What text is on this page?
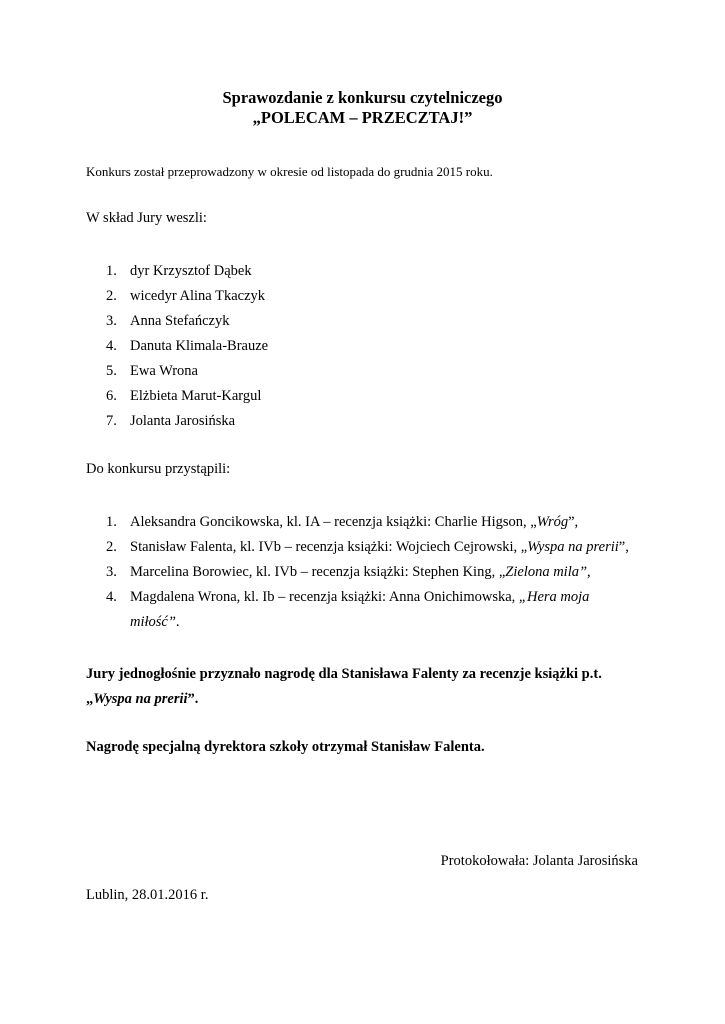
Sprawozdanie z konkursu czytelniczego
„POLECAM – PRZECZTAJ!”
Konkurs został przeprowadzony w okresie od listopada do grudnia 2015 roku.
W skład Jury weszli:
1. dyr Krzysztof Dąbek
2. wicedyr Alina Tkaczyk
3. Anna Stefańczyk
4. Danuta Klimala-Brauze
5. Ewa Wrona
6. Elżbieta Marut-Kargul
7. Jolanta Jarosińska
Do konkursu przystąpili:
1. Aleksandra Goncikowska, kl. IA – recenzja książki: Charlie Higson, „Wróg”,
2. Stanisław Falenta, kl. IVb – recenzja książki: Wojciech Cejrowski, „Wyspa na prerii”,
3. Marcelina Borowiec, kl. IVb – recenzja książki: Stephen King, „Zielona mila”,
4. Magdalena Wrona, kl. Ib – recenzja książki: Anna Onichimowska, „Hera moja
miłość”.
Jury jednogłośnie przyznało nagrodę dla Stanisława Falenty za recenzje książki p.t.
„Wyspa na prerii”.
Nagrodę specjalną dyrektora szkoły otrzymał Stanisław Falenta.
Protokołowała: Jolanta Jarosińska
Lublin, 28.01.2016 r.
